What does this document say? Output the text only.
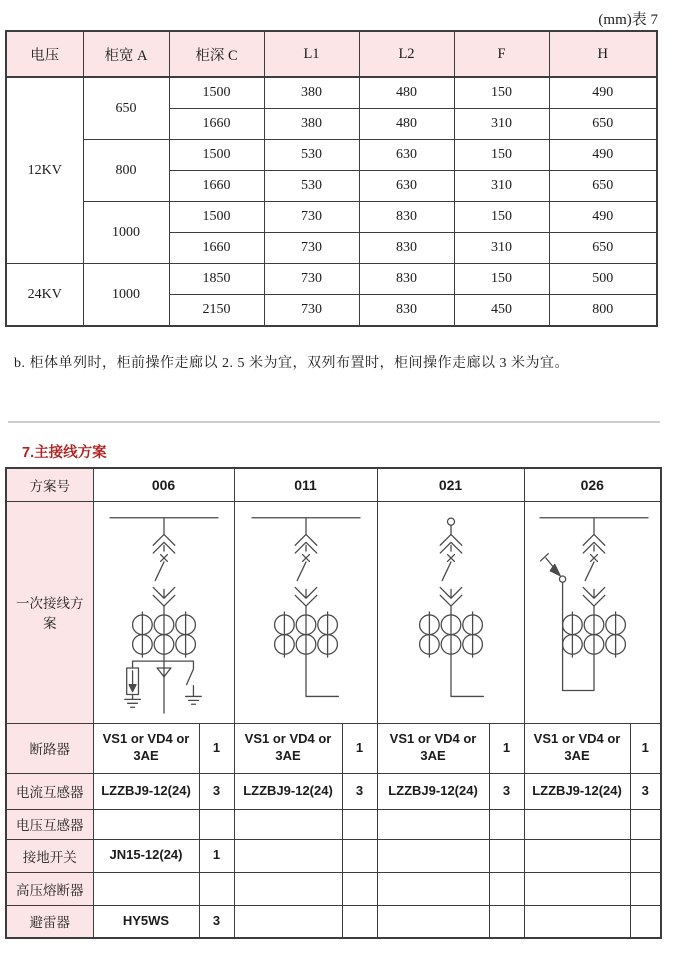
(mm)表 7
电压	柜宽 A	柜深 C	L1	L2	F	H
12KV	650	1500	380	480	150	490
		1660	380	480	310	650
	800	1500	530	630	150	490
		1660	530	630	310	650
	1000	1500	730	830	150	490
		1660	730	830	310	650
24KV	1000	1850	730	830	150	500
		2150	730	830	450	800
b. 柜体单列时，柜前操作走廊以 2. 5 米为宜，双列布置时，柜间操作走廊以 3 米为宜。
7.主接线方案
方案号	006		011		021		026	
一次接线方案	

断路器	VS1 or VD4 or 3AE	1	VS1 or VD4 or 3AE	1	VS1 or VD4 or 3AE	1	VS1 or VD4 or 3AE	1
电流互感器	LZZBJ9-12(24)	3	LZZBJ9-12(24)	3	LZZBJ9-12(24)	3	LZZBJ9-12(24)	3
电压互感器								
接地开关	JN15-12(24)	1						
高压熔断器								
避雷器	HY5WS	3						
